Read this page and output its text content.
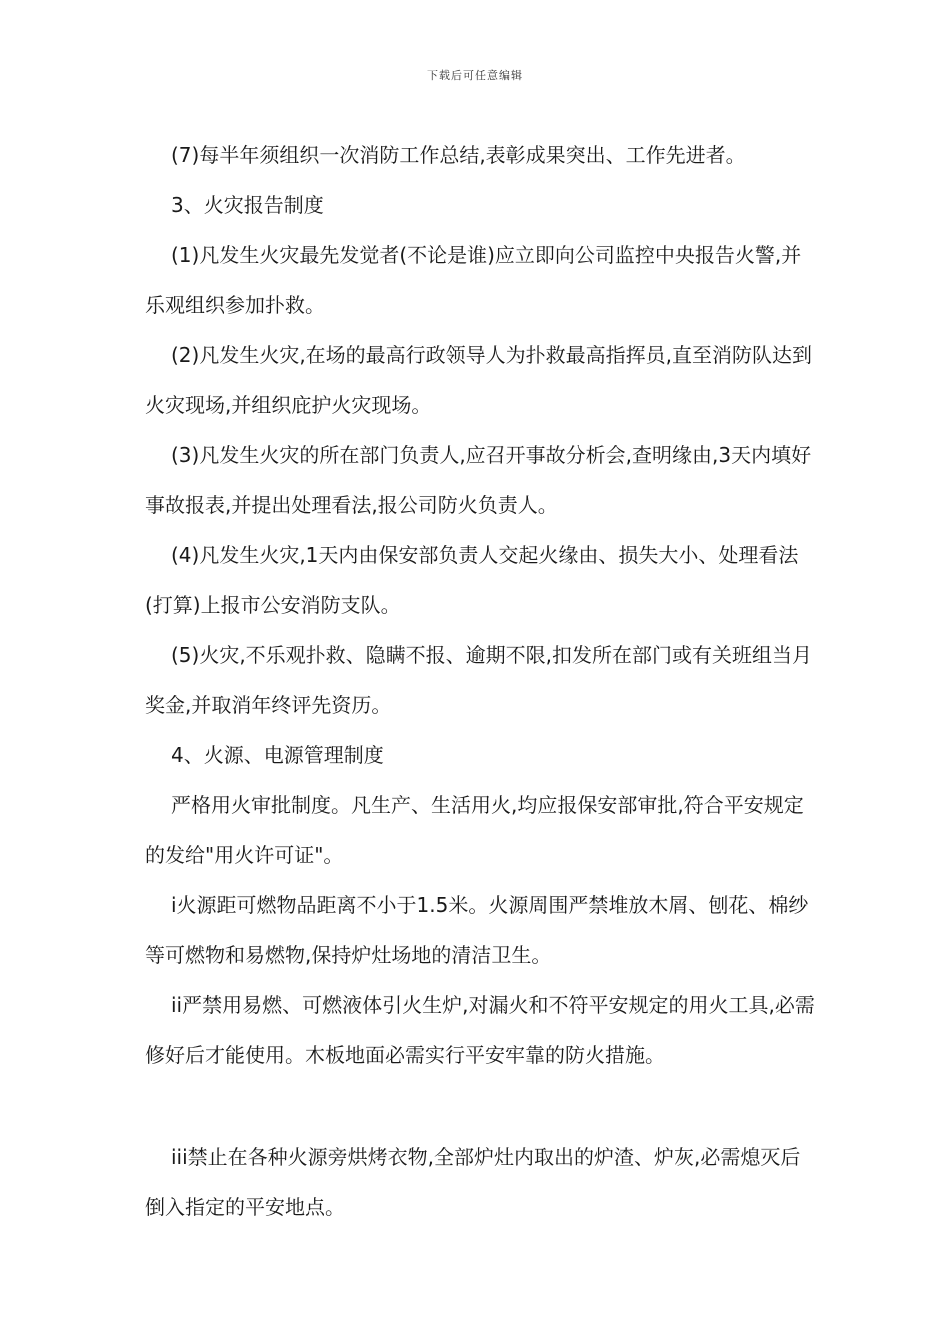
下载后可任意编辑

(7)每半年须组织一次消防工作总结,表彰成果突出、工作先进者。

3、火灾报告制度

(1)凡发生火灾最先发觉者(不论是谁)应立即向公司监控中央报告火警,并乐观组织参加扑救。

(2)凡发生火灾,在场的最高行政领导人为扑救最高指挥员,直至消防队达到火灾现场,并组织庇护火灾现场。

(3)凡发生火灾的所在部门负责人,应召开事故分析会,查明缘由,3天内填好事故报表,并提出处理看法,报公司防火负责人。

(4)凡发生火灾,1天内由保安部负责人交起火缘由、损失大小、处理看法(打算)上报市公安消防支队。

(5)火灾,不乐观扑救、隐瞒不报、逾期不限,扣发所在部门或有关班组当月奖金,并取消年终评先资历。

4、火源、电源管理制度

严格用火审批制度。凡生产、生活用火,均应报保安部审批,符合平安规定的发给"用火许可证"。

i火源距可燃物品距离不小于1.5米。火源周围严禁堆放木屑、刨花、棉纱等可燃物和易燃物,保持炉灶场地的清洁卫生。

ii严禁用易燃、可燃液体引火生炉,对漏火和不符平安规定的用火工具,必需修好后才能使用。木板地面必需实行平安牢靠的防火措施。

iii禁止在各种火源旁烘烤衣物,全部炉灶内取出的炉渣、炉灰,必需熄灭后倒入指定的平安地点。
